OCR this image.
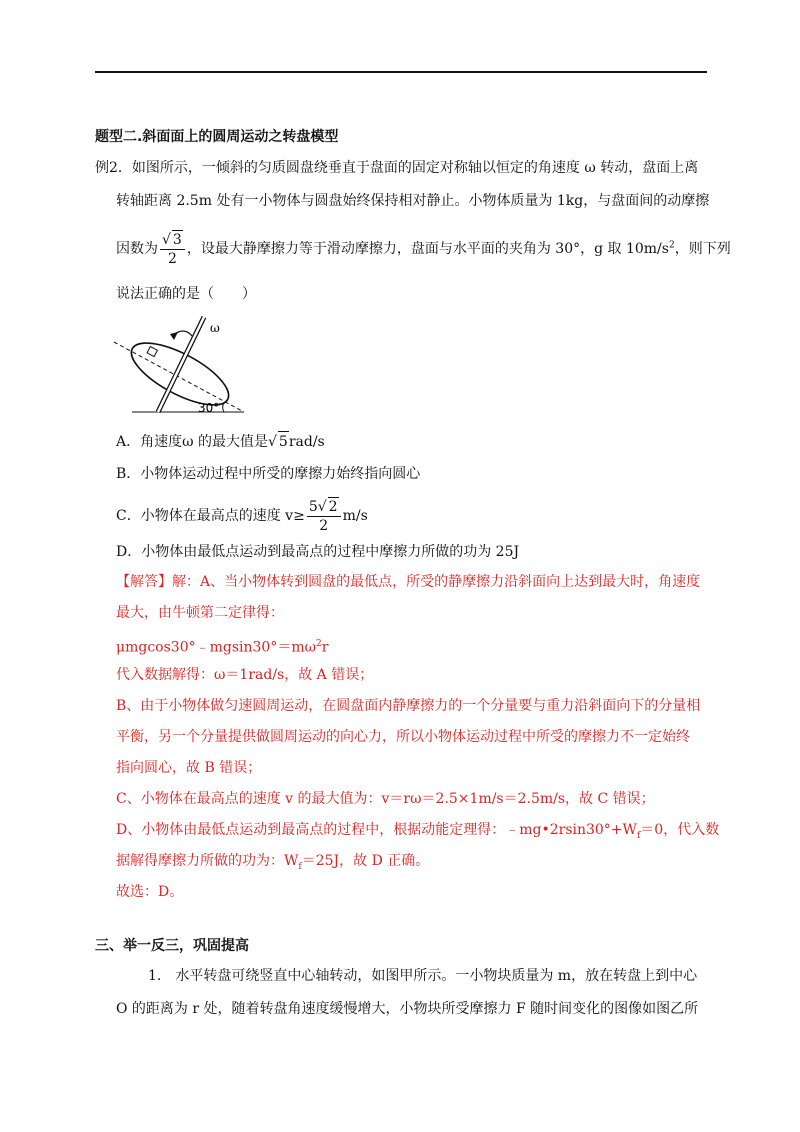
题型二.斜面面上的圆周运动之转盘模型
例2．如图所示，一倾斜的匀质圆盘绕垂直于盘面的固定对称轴以恒定的角速度 ω 转动，盘面上离
转轴距离 2.5m 处有一小物体与圆盘始终保持相对静止。小物体质量为 1kg，与盘面间的动摩擦
因数为 $\frac{√ 3}{2}$ ，设最大静摩擦力等于滑动摩擦力，盘面与水平面的夹角为 30°，g 取 $10m/s^2$，则下列
说法正确的是（　　）
ω
30°
A．角速度ω 的最大值是√ 5rad/s
B．小物体运动过程中所受的摩擦力始终指向圆心
C．小物体在最高点的速度 $v\ge \frac{5√ 2}{2} m/s$
D．小物体由最低点运动到最高点的过程中摩擦力所做的功为 25J
【解答】解：A、当小物体转到圆盘的最低点，所受的静摩擦力沿斜面向上达到最大时，角速度
最大，由牛顿第二定律得：
$\mu mgcos30^\circ﹣mgsin30^\circ=m\omega^2r$
代入数据解得：ω＝1rad/s，故 A 错误；
B、由于小物体做匀速圆周运动，在圆盘面内静摩擦力的一个分量要与重力沿斜面向下的分量相
平衡，另一个分量提供做圆周运动的向心力，所以小物体运动过程中所受的摩擦力不一定始终
指向圆心，故 B 错误；
C、小物体在最高点的速度 v 的最大值为：v＝rω＝2.5×1m/s＝2.5m/s，故 C 错误；
D、小物体由最低点运动到最高点的过程中，根据动能定理得：$﹣mg•2rsin30^\circ+W_f=0$，代入数
据解得摩擦力所做的功为：$W_f=25J$，故 D 正确。
故选：D。
三、举一反三，巩固提高
1.　水平转盘可绕竖直中心轴转动，如图甲所示。一小物块质量为 m，放在转盘上到中心
O 的距离为 r 处，随着转盘角速度缓慢增大，小物块所受摩擦力 F 随时间变化的图像如图乙所
